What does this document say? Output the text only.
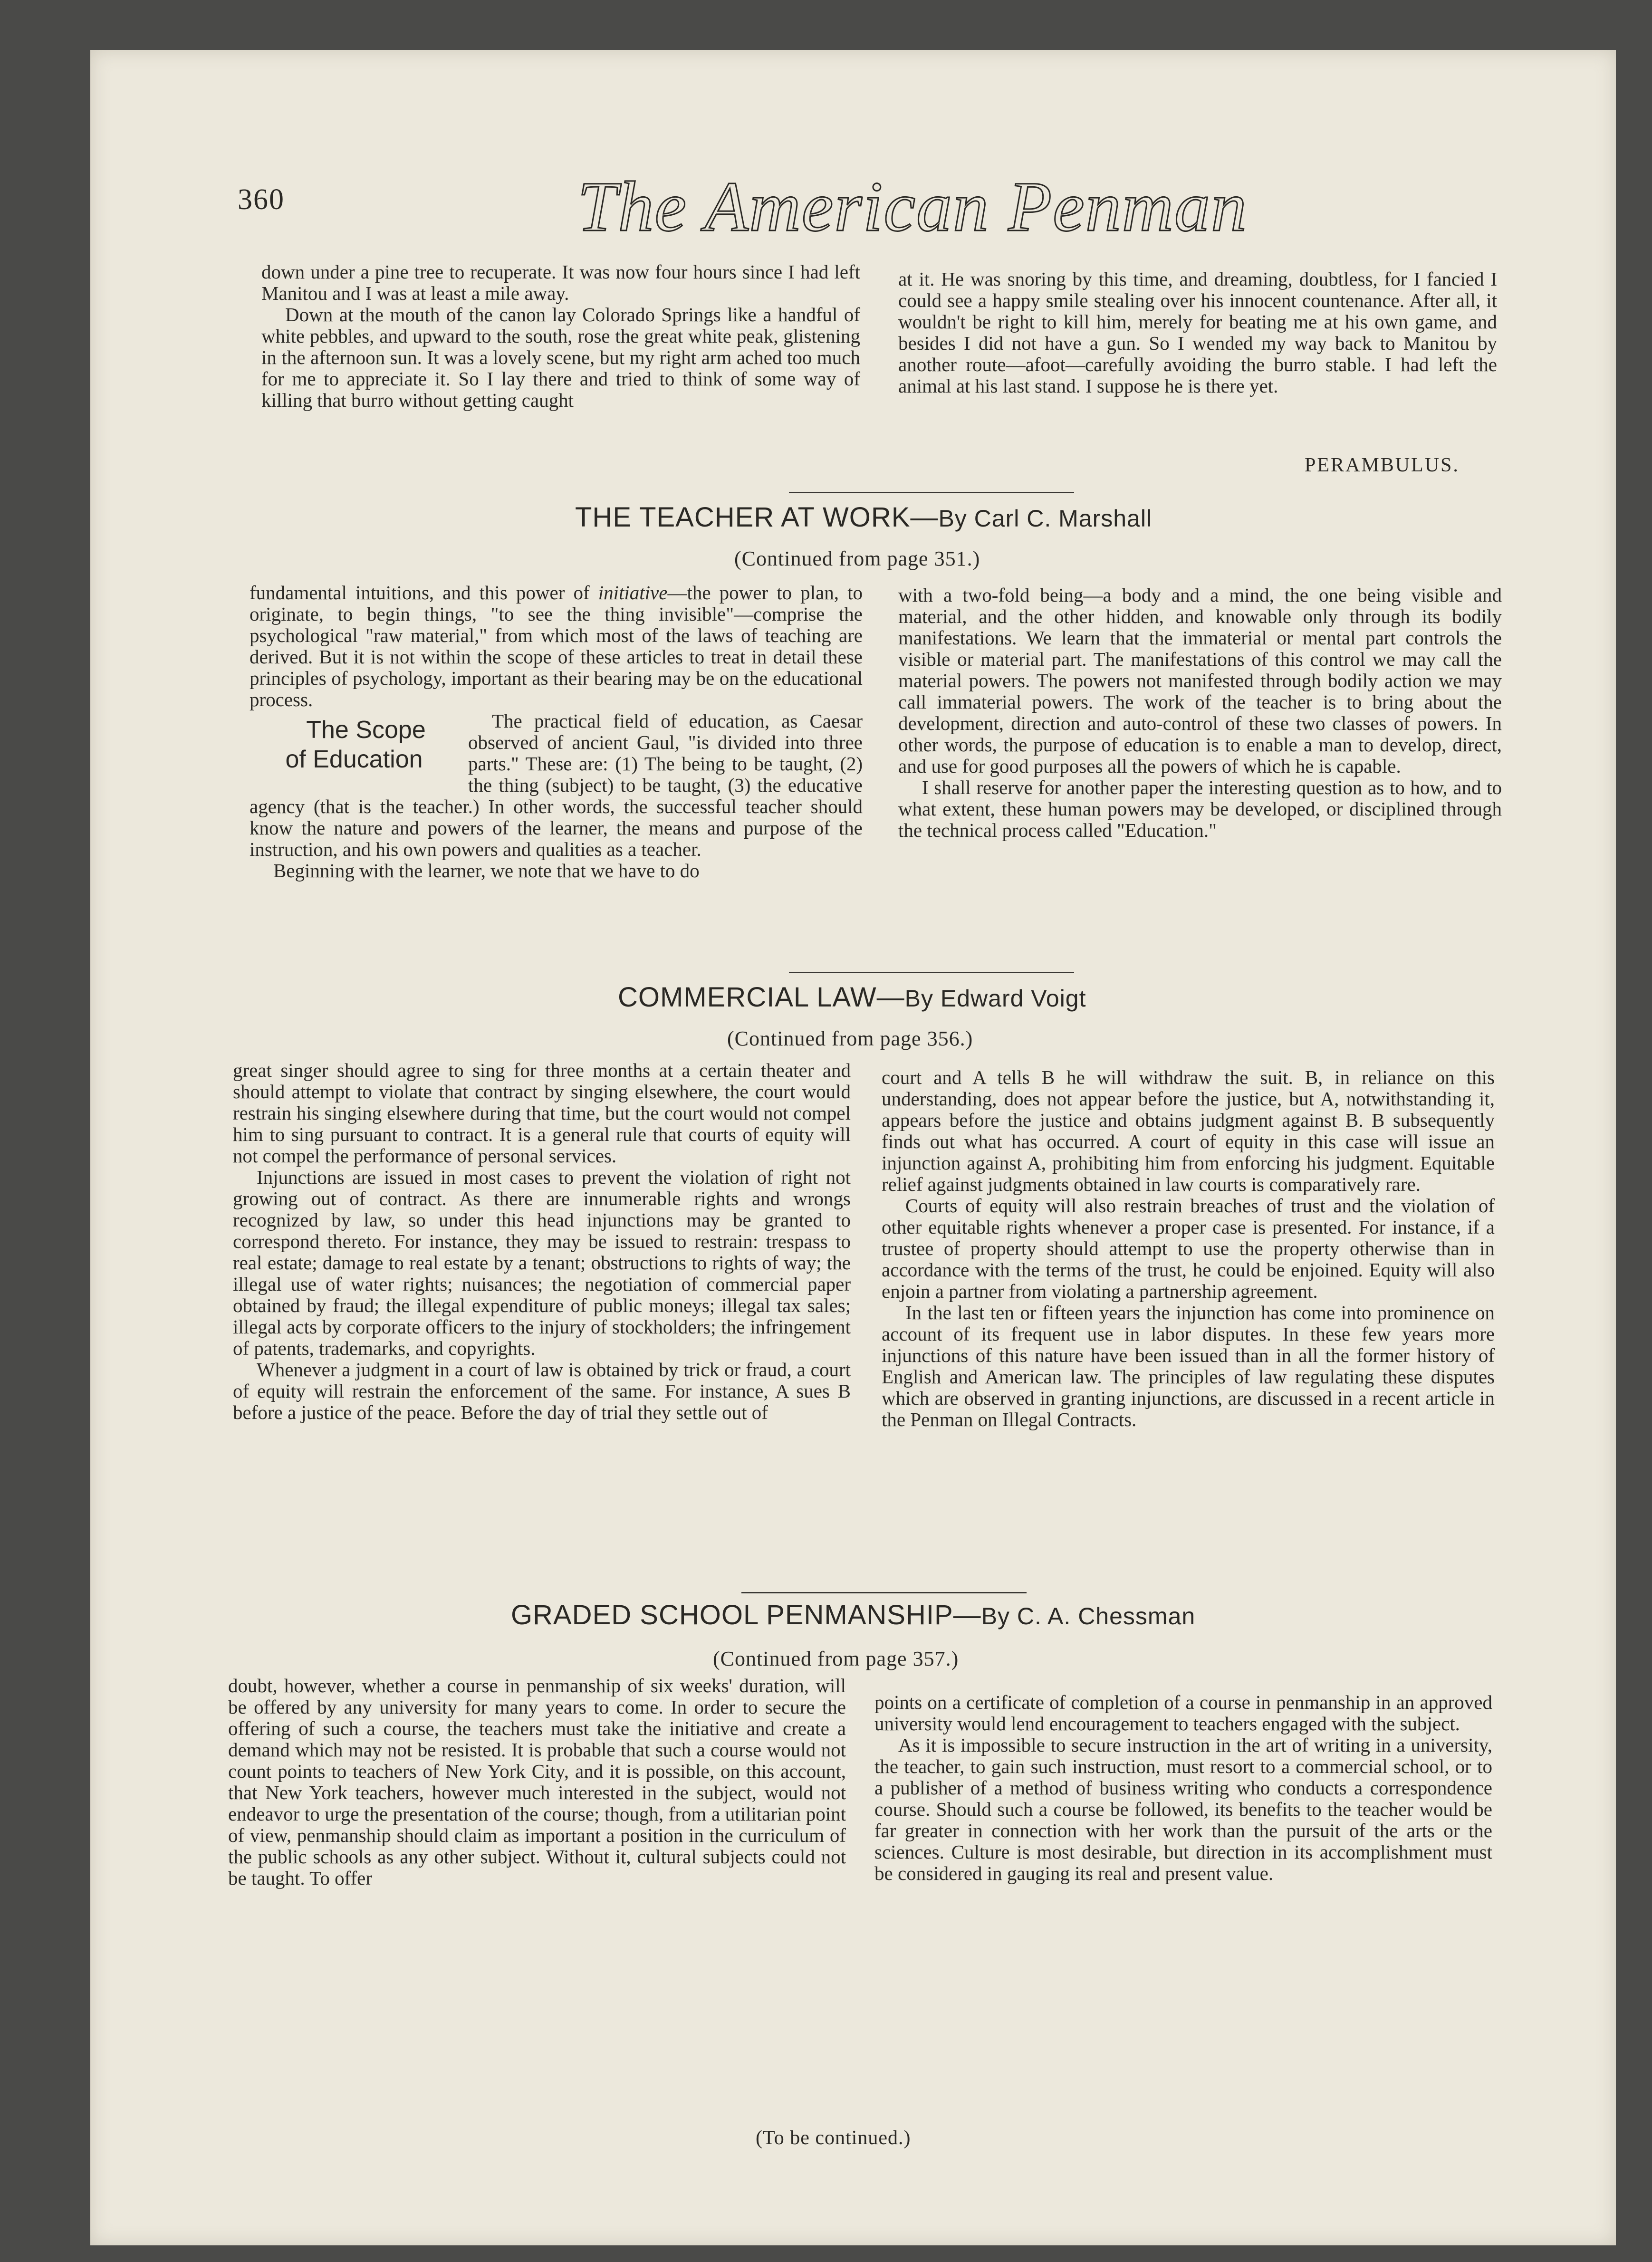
360	The American Penman

down under a pine tree to recuperate. It was now four hours since I had left Manitou and I was at least a mile away.

Down at the mouth of the canon lay Colorado Springs like a handful of white pebbles, and upward to the south, rose the great white peak, glistening in the afternoon sun. It was a lovely scene, but my right arm ached too much for me to appreciate it. So I lay there and tried to think of some way of killing that burro without getting caught

at it. He was snoring by this time, and dreaming, doubtless, for I fancied I could see a happy smile stealing over his innocent countenance. After all, it wouldn't be right to kill him, merely for beating me at his own game, and besides I did not have a gun. So I wended my way back to Manitou by another route—afoot—carefully avoiding the burro stable. I had left the animal at his last stand. I suppose he is there yet.

PERAMBULUS.
THE TEACHER AT WORK—By Carl C. Marshall
(Continued from page 351.)

fundamental intuitions, and this power of initiative—the power to plan, to originate, to begin things, "to see the thing invisible"—comprise the psychological "raw material," from which most of the laws of teaching are derived. But it is not within the scope of these articles to treat in detail these principles of psychology, important as their bearing may be on the educational process.

The Scope
of Education
The practical field of education, as Caesar observed of ancient Gaul, "is divided into three parts." These are: (1) The being to be taught, (2) the thing (subject) to be taught, (3) the educative agency (that is the teacher.) In other words, the successful teacher should know the nature and powers of the learner, the means and purpose of the instruction, and his own powers and qualities as a teacher.

Beginning with the learner, we note that we have to do

with a two-fold being—a body and a mind, the one being visible and material, and the other hidden, and knowable only through its bodily manifestations. We learn that the immaterial or mental part controls the visible or material part. The manifestations of this control we may call the material powers. The powers not manifested through bodily action we may call immaterial powers. The work of the teacher is to bring about the development, direction and auto-control of these two classes of powers. In other words, the purpose of education is to enable a man to develop, direct, and use for good purposes all the powers of which he is capable.

I shall reserve for another paper the interesting question as to how, and to what extent, these human powers may be developed, or disciplined through the technical process called "Education."

COMMERCIAL LAW—By Edward Voigt
(Continued from page 356.)

great singer should agree to sing for three months at a certain theater and should attempt to violate that contract by singing elsewhere, the court would restrain his singing elsewhere during that time, but the court would not compel him to sing pursuant to contract. It is a general rule that courts of equity will not compel the performance of personal services.

Injunctions are issued in most cases to prevent the violation of right not growing out of contract. As there are innumerable rights and wrongs recognized by law, so under this head injunctions may be granted to correspond thereto. For instance, they may be issued to restrain: trespass to real estate; damage to real estate by a tenant; obstructions to rights of way; the illegal use of water rights; nuisances; the negotiation of commercial paper obtained by fraud; the illegal expenditure of public moneys; illegal tax sales; illegal acts by corporate officers to the injury of stockholders; the infringement of patents, trademarks, and copyrights.

Whenever a judgment in a court of law is obtained by trick or fraud, a court of equity will restrain the enforcement of the same. For instance, A sues B before a justice of the peace. Before the day of trial they settle out of

court and A tells B he will withdraw the suit. B, in reliance on this understanding, does not appear before the justice, but A, notwithstanding it, appears before the justice and obtains judgment against B. B subsequently finds out what has occurred. A court of equity in this case will issue an injunction against A, prohibiting him from enforcing his judgment. Equitable relief against judgments obtained in law courts is comparatively rare.

Courts of equity will also restrain breaches of trust and the violation of other equitable rights whenever a proper case is presented. For instance, if a trustee of property should attempt to use the property otherwise than in accordance with the terms of the trust, he could be enjoined. Equity will also enjoin a partner from violating a partnership agreement.

In the last ten or fifteen years the injunction has come into prominence on account of its frequent use in labor disputes. In these few years more injunctions of this nature have been issued than in all the former history of English and American law. The principles of law regulating these disputes which are observed in granting injunctions, are discussed in a recent article in the Penman on Illegal Contracts.

GRADED SCHOOL PENMANSHIP—By C. A. Chessman
(Continued from page 357.)

doubt, however, whether a course in penmanship of six weeks' duration, will be offered by any university for many years to come. In order to secure the offering of such a course, the teachers must take the initiative and create a demand which may not be resisted. It is probable that such a course would not count points to teachers of New York City, and it is possible, on this account, that New York teachers, however much interested in the subject, would not endeavor to urge the presentation of the course; though, from a utilitarian point of view, penmanship should claim as important a position in the curriculum of the public schools as any other subject. Without it, cultural subjects could not be taught. To offer

points on a certificate of completion of a course in penmanship in an approved university would lend encouragement to teachers engaged with the subject.

As it is impossible to secure instruction in the art of writing in a university, the teacher, to gain such instruction, must resort to a commercial school, or to a publisher of a method of business writing who conducts a correspondence course. Should such a course be followed, its benefits to the teacher would be far greater in connection with her work than the pursuit of the arts or the sciences. Culture is most desirable, but direction in its accomplishment must be considered in gauging its real and present value.

(To be continued.)
